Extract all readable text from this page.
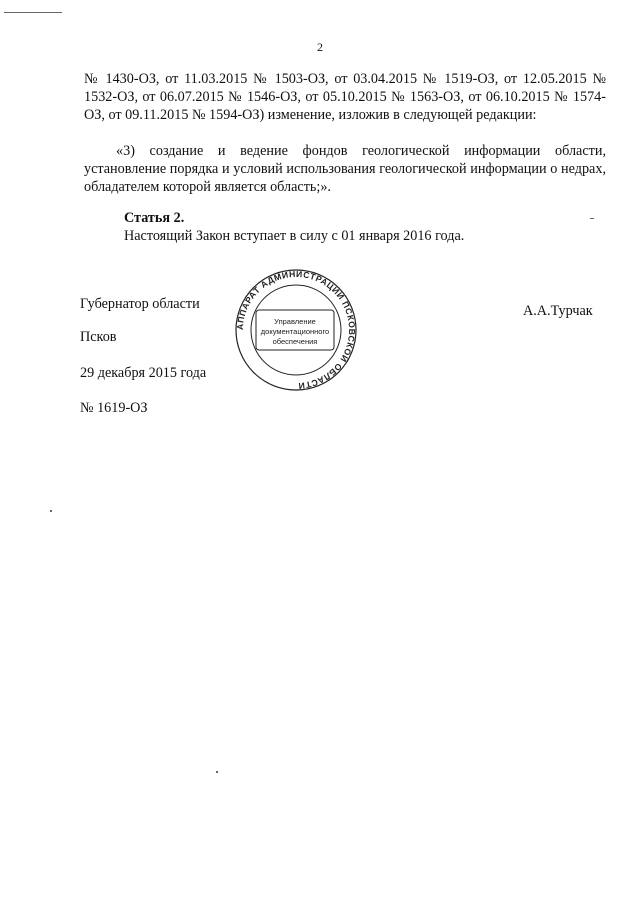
2

№ 1430-ОЗ, от 11.03.2015 № 1503-ОЗ, от 03.04.2015 № 1519-ОЗ, от 12.05.2015 № 1532-ОЗ, от 06.07.2015 № 1546-ОЗ, от 05.10.2015 № 1563-ОЗ, от 06.10.2015 № 1574-ОЗ, от 09.11.2015 № 1594-ОЗ) изменение, изложив в следующей редакции:

«3) создание и ведение фондов геологической информации области, установление порядка и условий использования геологической информации о недрах, обладателем которой является область;».

Статья 2.
Настоящий Закон вступает в силу с 01 января 2016 года.
Губернатор области
Псков
29 декабря 2015 года
№ 1619-ОЗ
А.А.Турчак
АППАРАТ АДМИНИСТРАЦИИ ПСКОВСКОЙ ОБЛАСТИ
Управление
документационного
обеспечения
